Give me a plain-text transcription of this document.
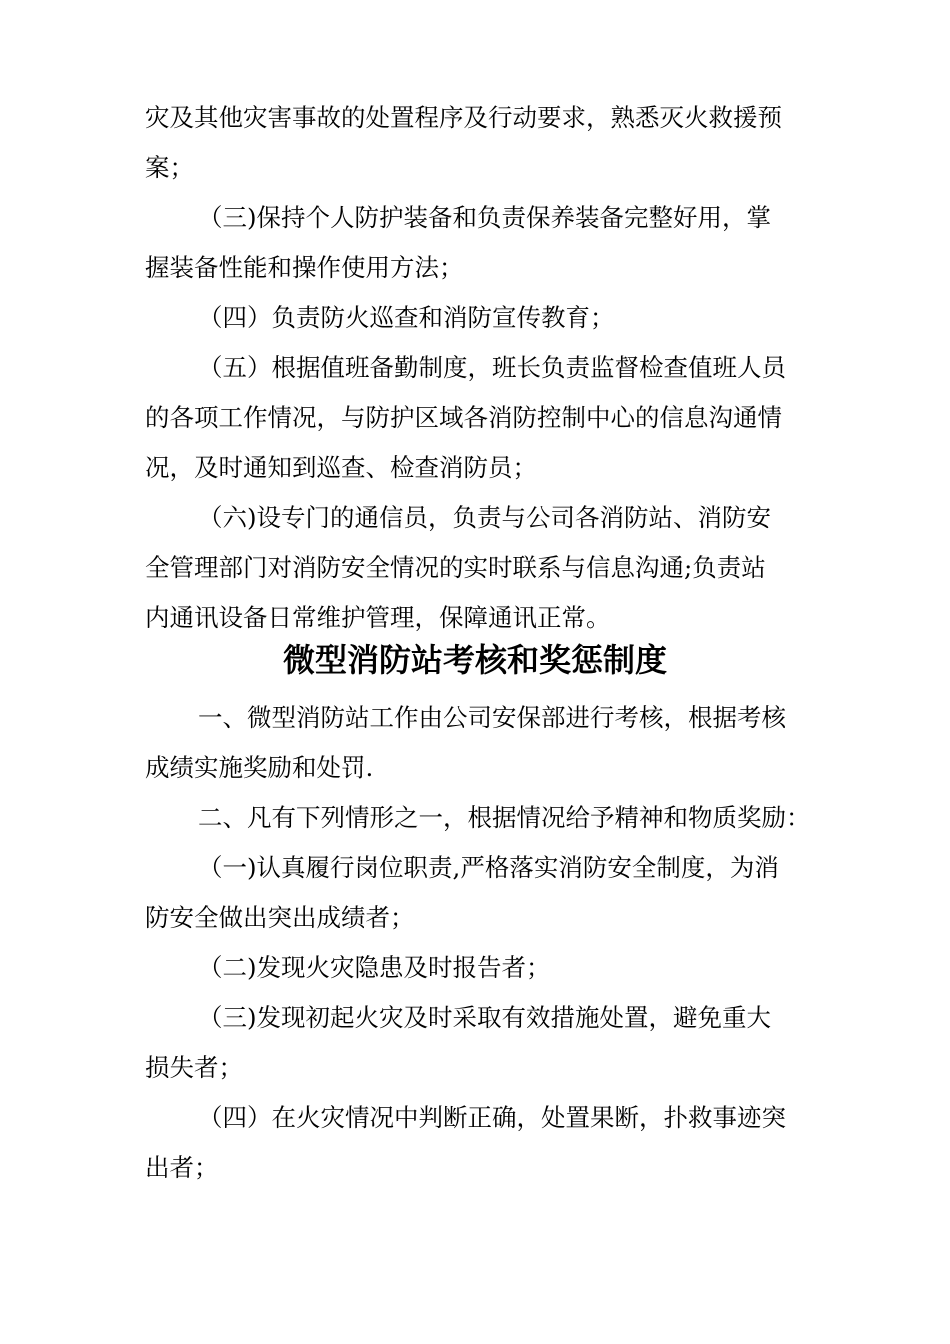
灾及其他灾害事故的处置程序及行动要求，熟悉灭火救援预
案；
（三)保持个人防护装备和负责保养装备完整好用，掌
握装备性能和操作使用方法；
（四）负责防火巡查和消防宣传教育；
（五）根据值班备勤制度，班长负责监督检查值班人员
的各项工作情况，与防护区域各消防控制中心的信息沟通情
况，及时通知到巡查、检查消防员；
（六)设专门的通信员，负责与公司各消防站、消防安
全管理部门对消防安全情况的实时联系与信息沟通;负责站
内通讯设备日常维护管理，保障通讯正常。
微型消防站考核和奖惩制度
一、微型消防站工作由公司安保部进行考核，根据考核
成绩实施奖励和处罚.
二、凡有下列情形之一，根据情况给予精神和物质奖励：
（一)认真履行岗位职责,严格落实消防安全制度，为消
防安全做出突出成绩者；
（二)发现火灾隐患及时报告者；
（三)发现初起火灾及时采取有效措施处置，避免重大
损失者；
（四）在火灾情况中判断正确，处置果断，扑救事迹突
出者；
